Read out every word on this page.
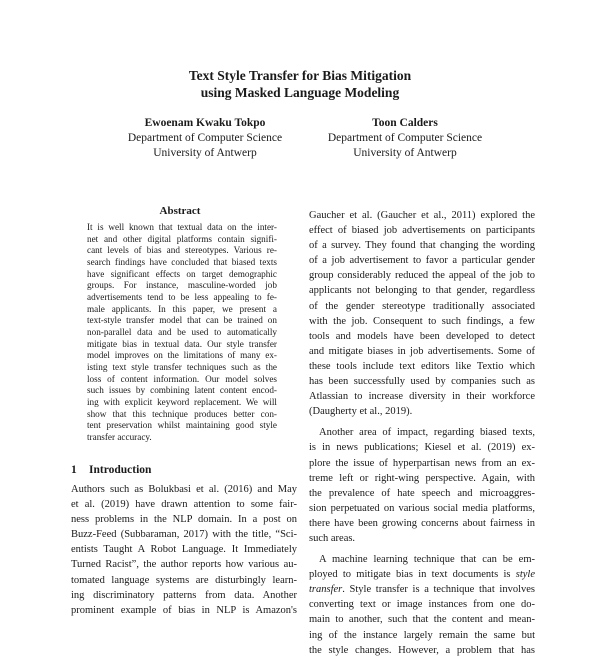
Text Style Transfer for Bias Mitigation
using Masked Language Modeling
Ewoenam Kwaku Tokpo
Department of Computer Science
University of Antwerp
Toon Calders
Department of Computer Science
University of Antwerp
Abstract
It is well known that textual data on the inter-
net and other digital platforms contain signifi-
cant levels of bias and stereotypes. Various re-
search findings have concluded that biased texts
have significant effects on target demographic
groups. For instance, masculine-worded job
advertisements tend to be less appealing to fe-
male applicants. In this paper, we present a
text-style transfer model that can be trained on
non-parallel data and be used to automatically
mitigate bias in textual data. Our style transfer
model improves on the limitations of many ex-
isting text style transfer techniques such as the
loss of content information. Our model solves
such issues by combining latent content encod-
ing with explicit keyword replacement. We will
show that this technique produces better con-
tent preservation whilst maintaining good style
transfer accuracy.
1 Introduction
Authors such as Bolukbasi et al. (2016) and May
et al. (2019) have drawn attention to some fair-
ness problems in the NLP domain. In a post on
Buzz-Feed (Subbaraman, 2017) with the title, “Sci-
entists Taught A Robot Language. It Immediately
Turned Racist”, the author reports how various au-
tomated language systems are disturbingly learn-
ing discriminatory patterns from data. Another
prominent example of bias in NLP is Amazon's
Gaucher et al. (Gaucher et al., 2011) explored the
effect of biased job advertisements on participants
of a survey. They found that changing the wording
of a job advertisement to favor a particular gender
group considerably reduced the appeal of the job to
applicants not belonging to that gender, regardless
of the gender stereotype traditionally associated
with the job. Consequent to such findings, a few
tools and models have been developed to detect
and mitigate biases in job advertisements. Some of
these tools include text editors like Textio which
has been successfully used by companies such as
Atlassian to increase diversity in their workforce
(Daugherty et al., 2019).
Another area of impact, regarding biased texts,
is in news publications; Kiesel et al. (2019) ex-
plore the issue of hyperpartisan news from an ex-
treme left or right-wing perspective. Again, with
the prevalence of hate speech and microaggres-
sion perpetuated on various social media platforms,
there have been growing concerns about fairness in
such areas.
A machine learning technique that can be em-
ployed to mitigate bias in text documents is style
transfer. Style transfer is a technique that involves
converting text or image instances from one do-
main to another, such that the content and mean-
ing of the instance largely remain the same but
the style changes. However, a problem that has
